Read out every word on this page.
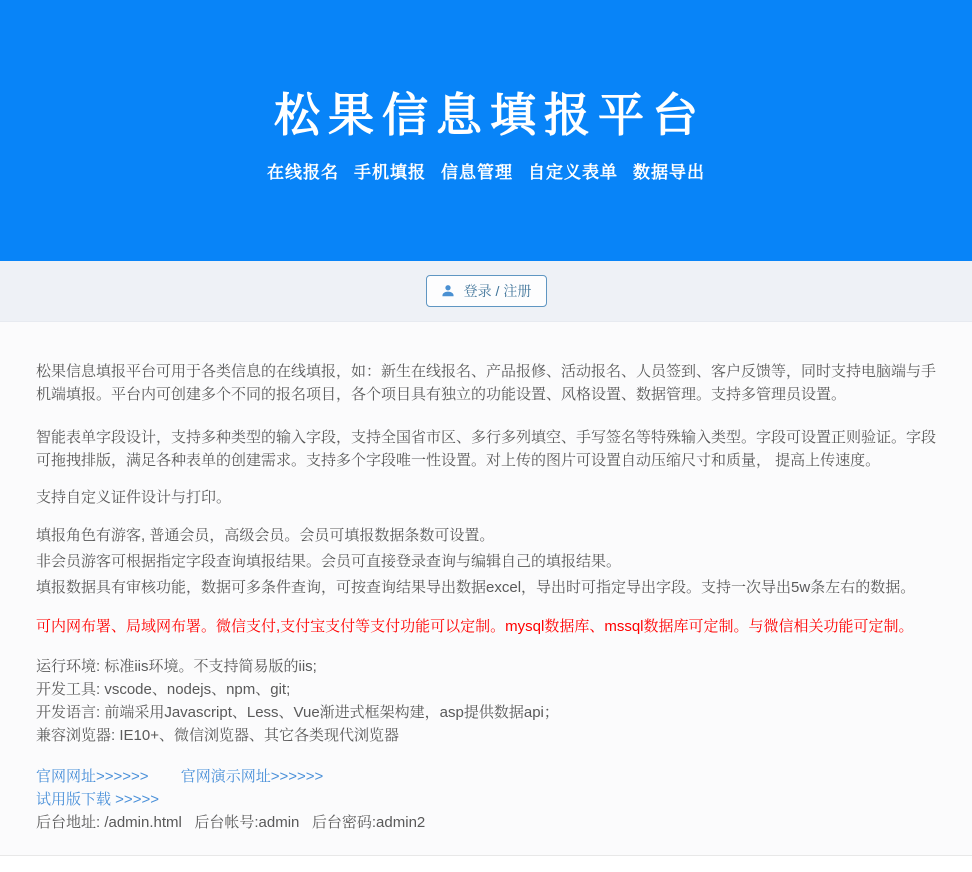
松果信息填报平台
在线报名 手机填报 信息管理 自定义表单 数据导出
登录 / 注册

松果信息填报平台可用于各类信息的在线填报，如：新生在线报名、产品报修、活动报名、人员签到、客户反馈等，同时支持电脑端与手机端填报。平台内可创建多个不同的报名项目，各个项目具有独立的功能设置、风格设置、数据管理。支持多管理员设置。

智能表单字段设计，支持多种类型的输入字段，支持全国省市区、多行多列填空、手写签名等特殊输入类型。字段可设置正则验证。字段可拖拽排版，满足各种表单的创建需求。支持多个字段唯一性设置。对上传的图片可设置自动压缩尺寸和质量， 提高上传速度。

支持自定义证件设计与打印。

填报角色有游客, 普通会员，高级会员。会员可填报数据条数可设置。
非会员游客可根据指定字段查询填报结果。会员可直接登录查询与编辑自己的填报结果。
填报数据具有审核功能，数据可多条件查询，可按查询结果导出数据excel，导出时可指定导出字段。支持一次导出5w条左右的数据。

可内网布署、局域网布署。微信支付,支付宝支付等支付功能可以定制。mysql数据库、mssql数据库可定制。与微信相关功能可定制。

运行环境: 标准iis环境。不支持简易版的iis;
开发工具: vscode、nodejs、npm、git;
开发语言: 前端采用Javascript、Less、Vue渐进式框架构建，asp提供数据api；
兼容浏览器: IE10+、微信浏览器、其它各类现代浏览器
官网网址>>>>>> 官网演示网址>>>>>>
试用版下载 >>>>>
后台地址: /admin.html   后台帐号:admin   后台密码:admin2
